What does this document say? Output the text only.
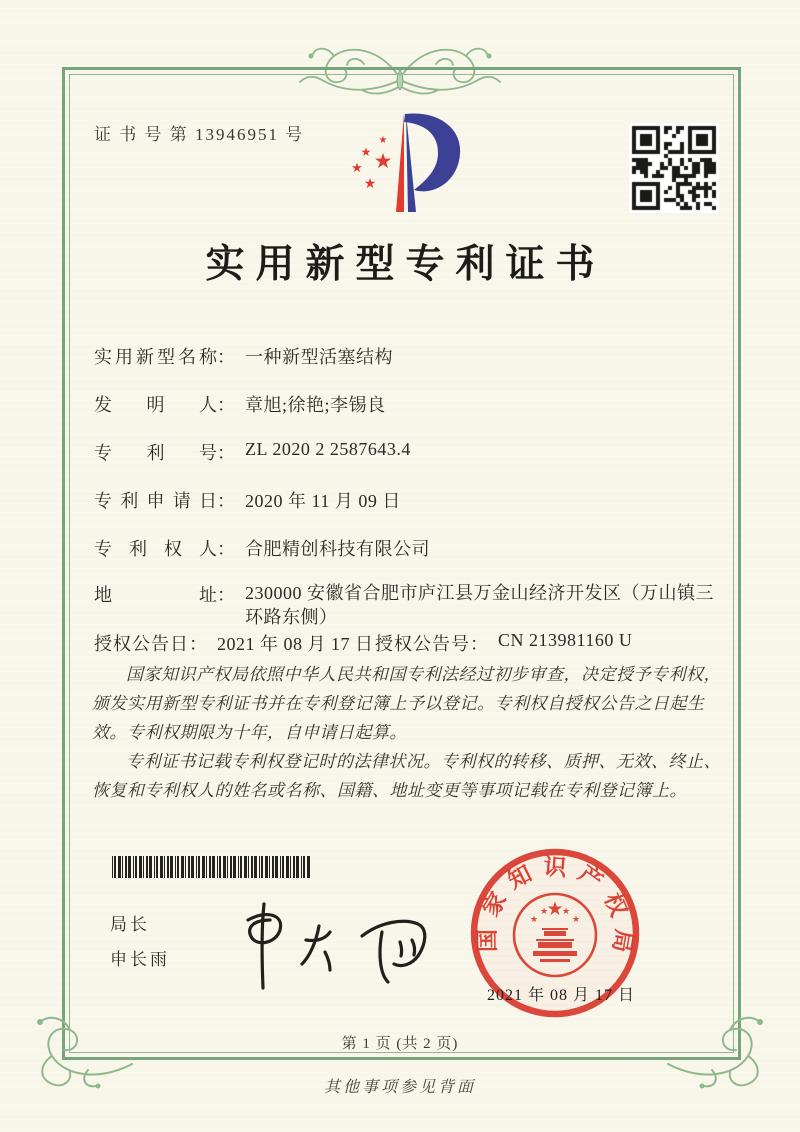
证 书 号 第 13946951 号	★
★
★
★
★
实用新型专利证书
实用新型名称： 一种新型活塞结构
发明人： 章旭;徐艳;李锡良
专利号： ZL 2020 2 2587643.4
专利申请日： 2020 年 11 月 09 日
专利权人： 合肥精创科技有限公司
地址： 230000 安徽省合肥市庐江县万金山经济开发区（万山镇三环路东侧）
授权公告日： 2021 年 08 月 17 日 授权公告号： CN 213981160 U

国家知识产权局依照中华人民共和国专利法经过初步审查，决定授予专利权，颁发实用新型专利证书并在专利登记簿上予以登记。专利权自授权公告之日起生效。专利权期限为十年，自申请日起算。

专利证书记载专利权登记时的法律状况。专利权的转移、质押、无效、终止、恢复和专利权人的姓名或名称、国籍、地址变更等事项记载在专利登记簿上。

局长
申长雨
国家知识产权局
★
★
★ ★
★
2021 年 08 月 17 日
第 1 页 (共 2 页)
其他事项参见背面
